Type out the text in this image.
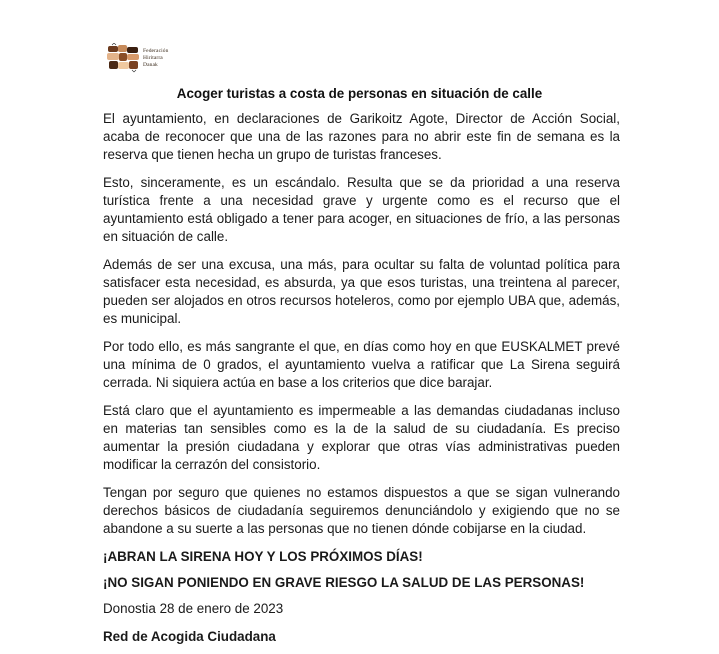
Federación
Hiritarra
Danak
Acoger turistas a costa de personas en situación de calle

El ayuntamiento, en declaraciones de Garikoitz Agote, Director de Acción Social, acaba de reconocer que una de las razones para no abrir este fin de semana es la reserva que tienen hecha un grupo de turistas franceses.

Esto, sinceramente, es un escándalo. Resulta que se da prioridad a una reserva turística frente a una necesidad grave y urgente como es el recurso que el ayuntamiento está obligado a tener para acoger, en situaciones de frío, a las personas en situación de calle.

Además de ser una excusa, una más, para ocultar su falta de voluntad política para satisfacer esta necesidad, es absurda, ya que esos turistas, una treintena al parecer, pueden ser alojados en otros recursos hoteleros, como por ejemplo UBA que, además, es municipal.

Por todo ello, es más sangrante el que, en días como hoy en que EUSKALMET prevé una mínima de 0 grados, el ayuntamiento vuelva a ratificar que La Sirena seguirá cerrada. Ni siquiera actúa en base a los criterios que dice barajar.

Está claro que el ayuntamiento es impermeable a las demandas ciudadanas incluso en materias tan sensibles como es la de la salud de su ciudadanía. Es preciso aumentar la presión ciudadana y explorar que otras vías administrativas pueden modificar la cerrazón del consistorio.

Tengan por seguro que quienes no estamos dispuestos a que se sigan vulnerando derechos básicos de ciudadanía seguiremos denunciándolo y exigiendo que no se abandone a su suerte a las personas que no tienen dónde cobijarse en la ciudad.

¡ABRAN LA SIRENA HOY Y LOS PRÓXIMOS DÍAS!

¡NO SIGAN PONIENDO EN GRAVE RIESGO LA SALUD DE LAS PERSONAS!

Donostia 28 de enero de 2023

Red de Acogida Ciudadana
